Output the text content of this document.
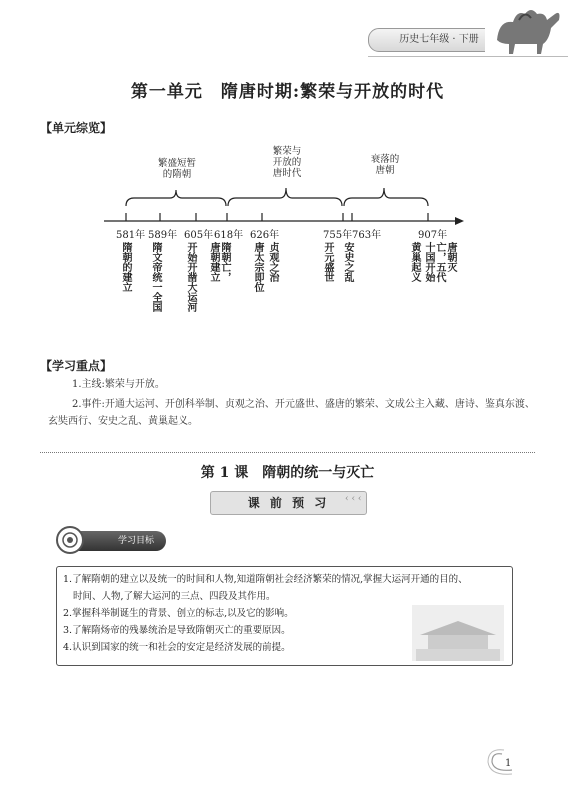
历史七年级 · 下册
第一单元　隋唐时期:繁荣与开放的时代
【单元综览】
繁盛短暂
的隋朝
繁荣与
开放的
唐时代
衰落的
唐朝
581年 589年 605年 618年 626年	755年 763年	907年
隋朝的建立 隋文帝统一全国 开始开凿大运河	隋朝亡，唐朝建立	唐太宗即位 贞观之治	开元盛世 安史之乱	黄巢起义	唐朝灭亡，五代十国开始
【学习重点】
1.主线:繁荣与开放。
2.事件:开通大运河、开创科举制、贞观之治、开元盛世、盛唐的繁荣、文成公主入藏、唐诗、鉴真东渡、
玄奘西行、安史之乱、黄巢起义。
第 1 课　隋朝的统一与灭亡
课 前 预 习	‹ ‹ ‹
学习目标
1.了解隋朝的建立以及统一的时间和人物,知道隋朝社会经济繁荣的情况,掌握大运河开通的目的、
时间、人物,了解大运河的三点、四段及其作用。
2.掌握科举制诞生的背景、创立的标志,以及它的影响。
3.了解隋炀帝的残暴统治是导致隋朝灭亡的重要原因。
4.认识到国家的统一和社会的安定是经济发展的前提。
1
